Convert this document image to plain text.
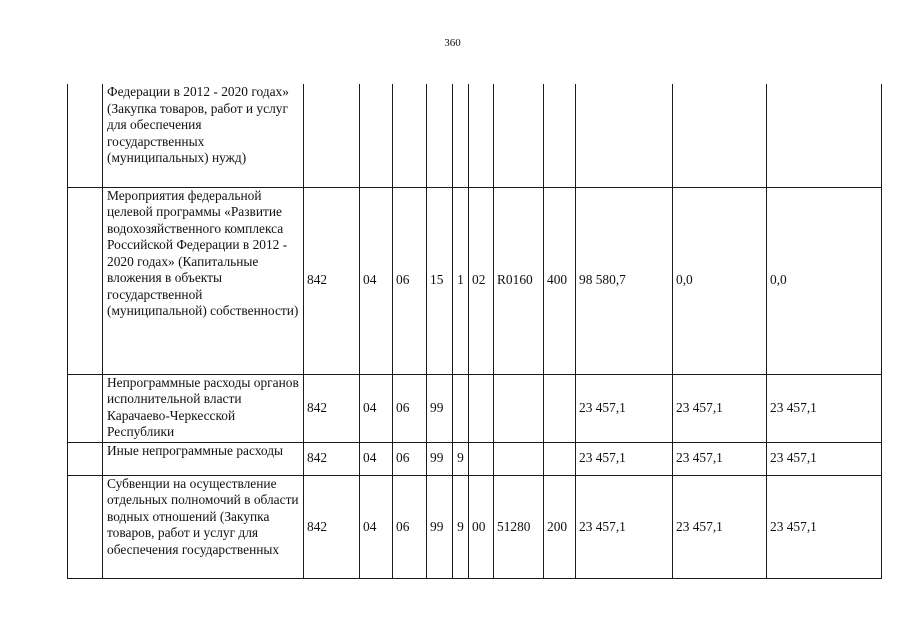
360
	Федерации в 2012 - 2020 годах» (Закупка товаров, работ и услуг для обеспечения государственных (муниципальных) нужд)											
	Мероприятия федеральной целевой программы «Развитие водохозяйственного комплекса Российской Федерации в 2012 - 2020 годах» (Капитальные вложения в объекты государственной (муниципальной) собственности)	842	04	06	15	1	02	R0160	400	98 580,7	0,0	0,0
	Непрограммные расходы органов исполнительной власти Карачаево-Черкесской Республики	842	04	06	99					23 457,1	23 457,1	23 457,1
	Иные непрограммные расходы	842	04	06	99	9				23 457,1	23 457,1	23 457,1
	Субвенции на осуществление отдельных полномочий в области водных отношений (Закупка товаров, работ и услуг для обеспечения государственных	842	04	06	99	9	00	51280	200	23 457,1	23 457,1	23 457,1
